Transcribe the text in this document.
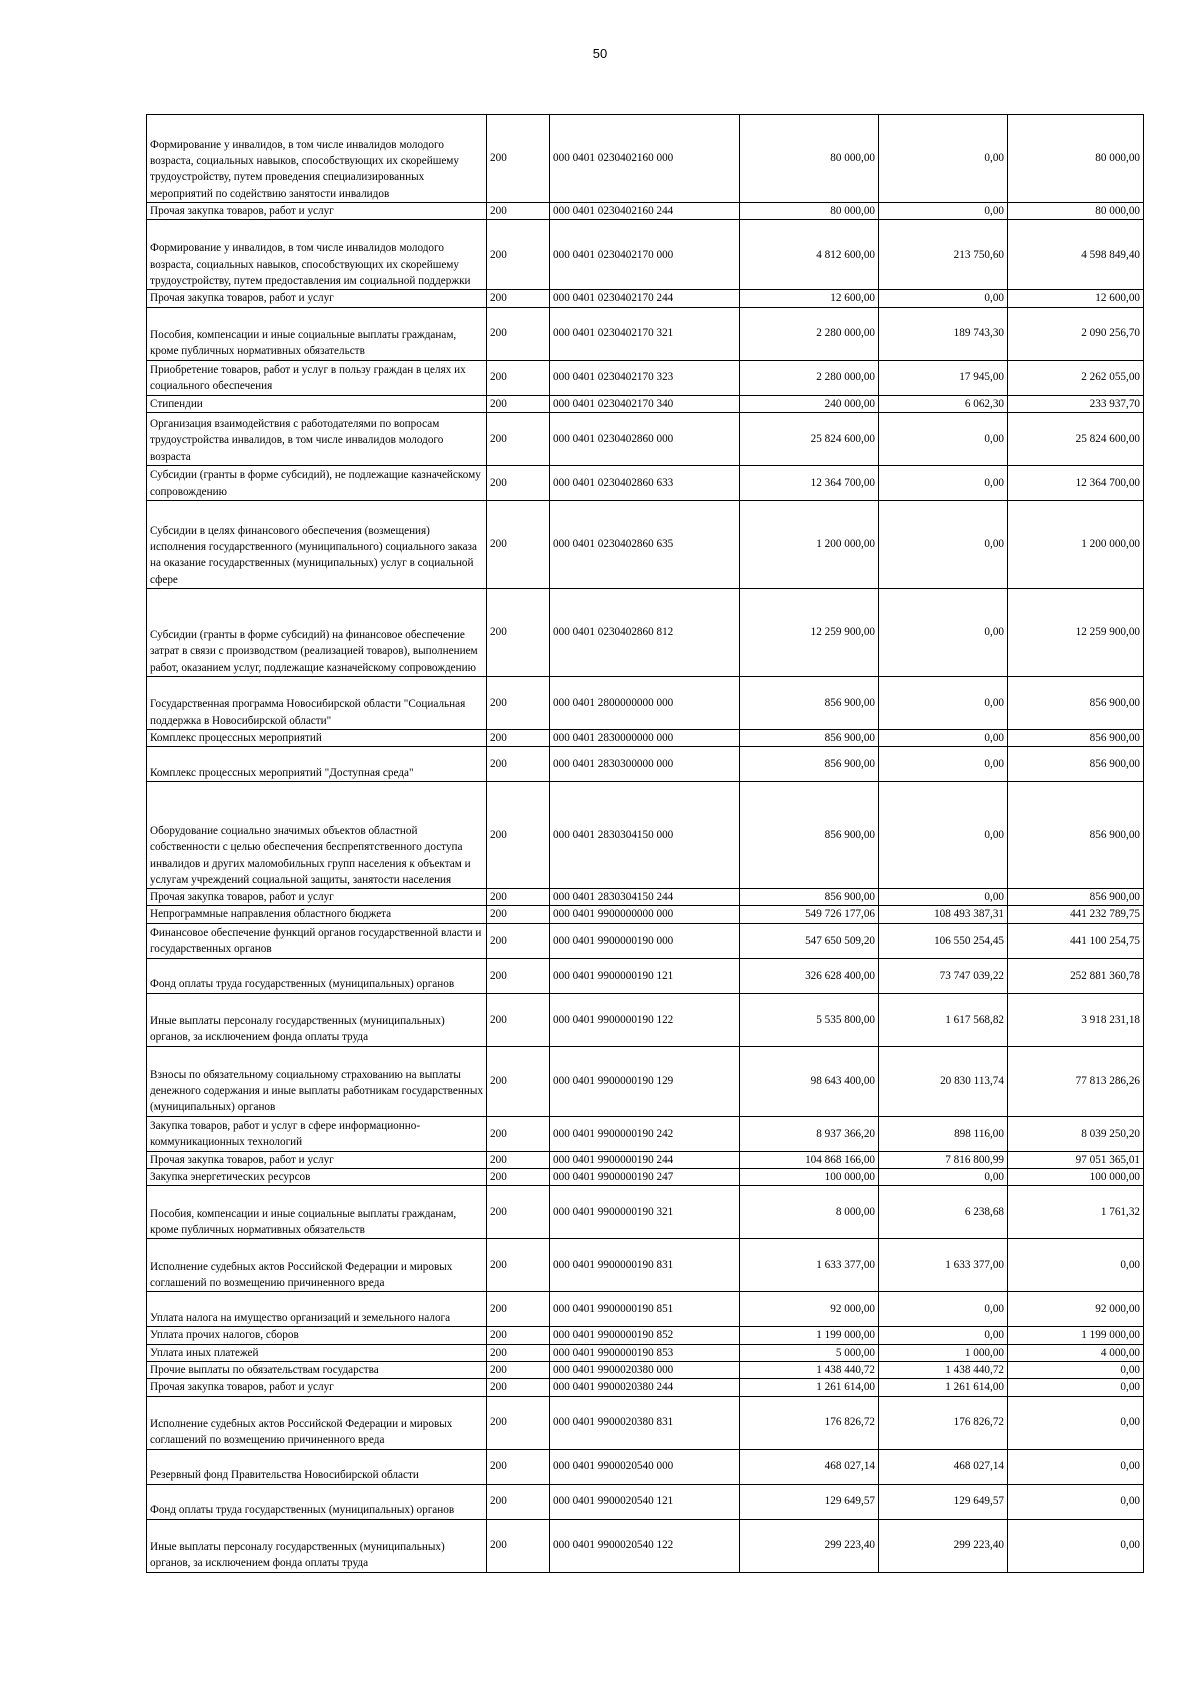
50
Формирование у инвалидов, в том числе инвалидов молодого возраста, социальных навыков, способствующих их скорейшему трудоустройству, путем проведения специализированных мероприятий по содействию занятости инвалидов	200	000 0401 0230402160 000	80 000,00	0,00	80 000,00
Прочая закупка товаров, работ и услуг	200	000 0401 0230402160 244	80 000,00	0,00	80 000,00
Формирование у инвалидов, в том числе инвалидов молодого возраста, социальных навыков, способствующих их скорейшему трудоустройству, путем предоставления им социальной поддержки	200	000 0401 0230402170 000	4 812 600,00	213 750,60	4 598 849,40
Прочая закупка товаров, работ и услуг	200	000 0401 0230402170 244	12 600,00	0,00	12 600,00
Пособия, компенсации и иные социальные выплаты гражданам, кроме публичных нормативных обязательств	200	000 0401 0230402170 321	2 280 000,00	189 743,30	2 090 256,70
Приобретение товаров, работ и услуг в пользу граждан в целях их социального обеспечения	200	000 0401 0230402170 323	2 280 000,00	17 945,00	2 262 055,00
Стипендии	200	000 0401 0230402170 340	240 000,00	6 062,30	233 937,70
Организация взаимодействия с работодателями по вопросам трудоустройства инвалидов, в том числе инвалидов молодого возраста	200	000 0401 0230402860 000	25 824 600,00	0,00	25 824 600,00
Субсидии (гранты в форме субсидий), не подлежащие казначейскому сопровождению	200	000 0401 0230402860 633	12 364 700,00	0,00	12 364 700,00
Субсидии в целях финансового обеспечения (возмещения) исполнения государственного (муниципального) социального заказа на оказание государственных (муниципальных) услуг в социальной сфере	200	000 0401 0230402860 635	1 200 000,00	0,00	1 200 000,00
Субсидии (гранты в форме субсидий) на финансовое обеспечение затрат в связи с производством (реализацией товаров), выполнением работ, оказанием услуг, подлежащие казначейскому сопровождению	200	000 0401 0230402860 812	12 259 900,00	0,00	12 259 900,00
Государственная программа Новосибирской области "Социальная поддержка в Новосибирской области"	200	000 0401 2800000000 000	856 900,00	0,00	856 900,00
Комплекс процессных мероприятий	200	000 0401 2830000000 000	856 900,00	0,00	856 900,00
Комплекс процессных мероприятий "Доступная среда"	200	000 0401 2830300000 000	856 900,00	0,00	856 900,00
Оборудование социально значимых объектов областной собственности с целью обеспечения беспрепятственного доступа инвалидов и других маломобильных групп населения к объектам и услугам учреждений социальной защиты, занятости населения	200	000 0401 2830304150 000	856 900,00	0,00	856 900,00
Прочая закупка товаров, работ и услуг	200	000 0401 2830304150 244	856 900,00	0,00	856 900,00
Непрограммные направления областного бюджета	200	000 0401 9900000000 000	549 726 177,06	108 493 387,31	441 232 789,75
Финансовое обеспечение функций органов государственной власти и государственных органов	200	000 0401 9900000190 000	547 650 509,20	106 550 254,45	441 100 254,75
Фонд оплаты труда государственных (муниципальных) органов	200	000 0401 9900000190 121	326 628 400,00	73 747 039,22	252 881 360,78
Иные выплаты персоналу государственных (муниципальных) органов, за исключением фонда оплаты труда	200	000 0401 9900000190 122	5 535 800,00	1 617 568,82	3 918 231,18
Взносы по обязательному социальному страхованию на выплаты денежного содержания и иные выплаты работникам государственных (муниципальных) органов	200	000 0401 9900000190 129	98 643 400,00	20 830 113,74	77 813 286,26
Закупка товаров, работ и услуг в сфере информационно-коммуникационных технологий	200	000 0401 9900000190 242	8 937 366,20	898 116,00	8 039 250,20
Прочая закупка товаров, работ и услуг	200	000 0401 9900000190 244	104 868 166,00	7 816 800,99	97 051 365,01
Закупка энергетических ресурсов	200	000 0401 9900000190 247	100 000,00	0,00	100 000,00
Пособия, компенсации и иные социальные выплаты гражданам, кроме публичных нормативных обязательств	200	000 0401 9900000190 321	8 000,00	6 238,68	1 761,32
Исполнение судебных актов Российской Федерации и мировых соглашений по возмещению причиненного вреда	200	000 0401 9900000190 831	1 633 377,00	1 633 377,00	0,00
Уплата налога на имущество организаций и земельного налога	200	000 0401 9900000190 851	92 000,00	0,00	92 000,00
Уплата прочих налогов, сборов	200	000 0401 9900000190 852	1 199 000,00	0,00	1 199 000,00
Уплата иных платежей	200	000 0401 9900000190 853	5 000,00	1 000,00	4 000,00
Прочие выплаты по обязательствам государства	200	000 0401 9900020380 000	1 438 440,72	1 438 440,72	0,00
Прочая закупка товаров, работ и услуг	200	000 0401 9900020380 244	1 261 614,00	1 261 614,00	0,00
Исполнение судебных актов Российской Федерации и мировых соглашений по возмещению причиненного вреда	200	000 0401 9900020380 831	176 826,72	176 826,72	0,00
Резервный фонд Правительства Новосибирской области	200	000 0401 9900020540 000	468 027,14	468 027,14	0,00
Фонд оплаты труда государственных (муниципальных) органов	200	000 0401 9900020540 121	129 649,57	129 649,57	0,00
Иные выплаты персоналу государственных (муниципальных) органов, за исключением фонда оплаты труда	200	000 0401 9900020540 122	299 223,40	299 223,40	0,00
